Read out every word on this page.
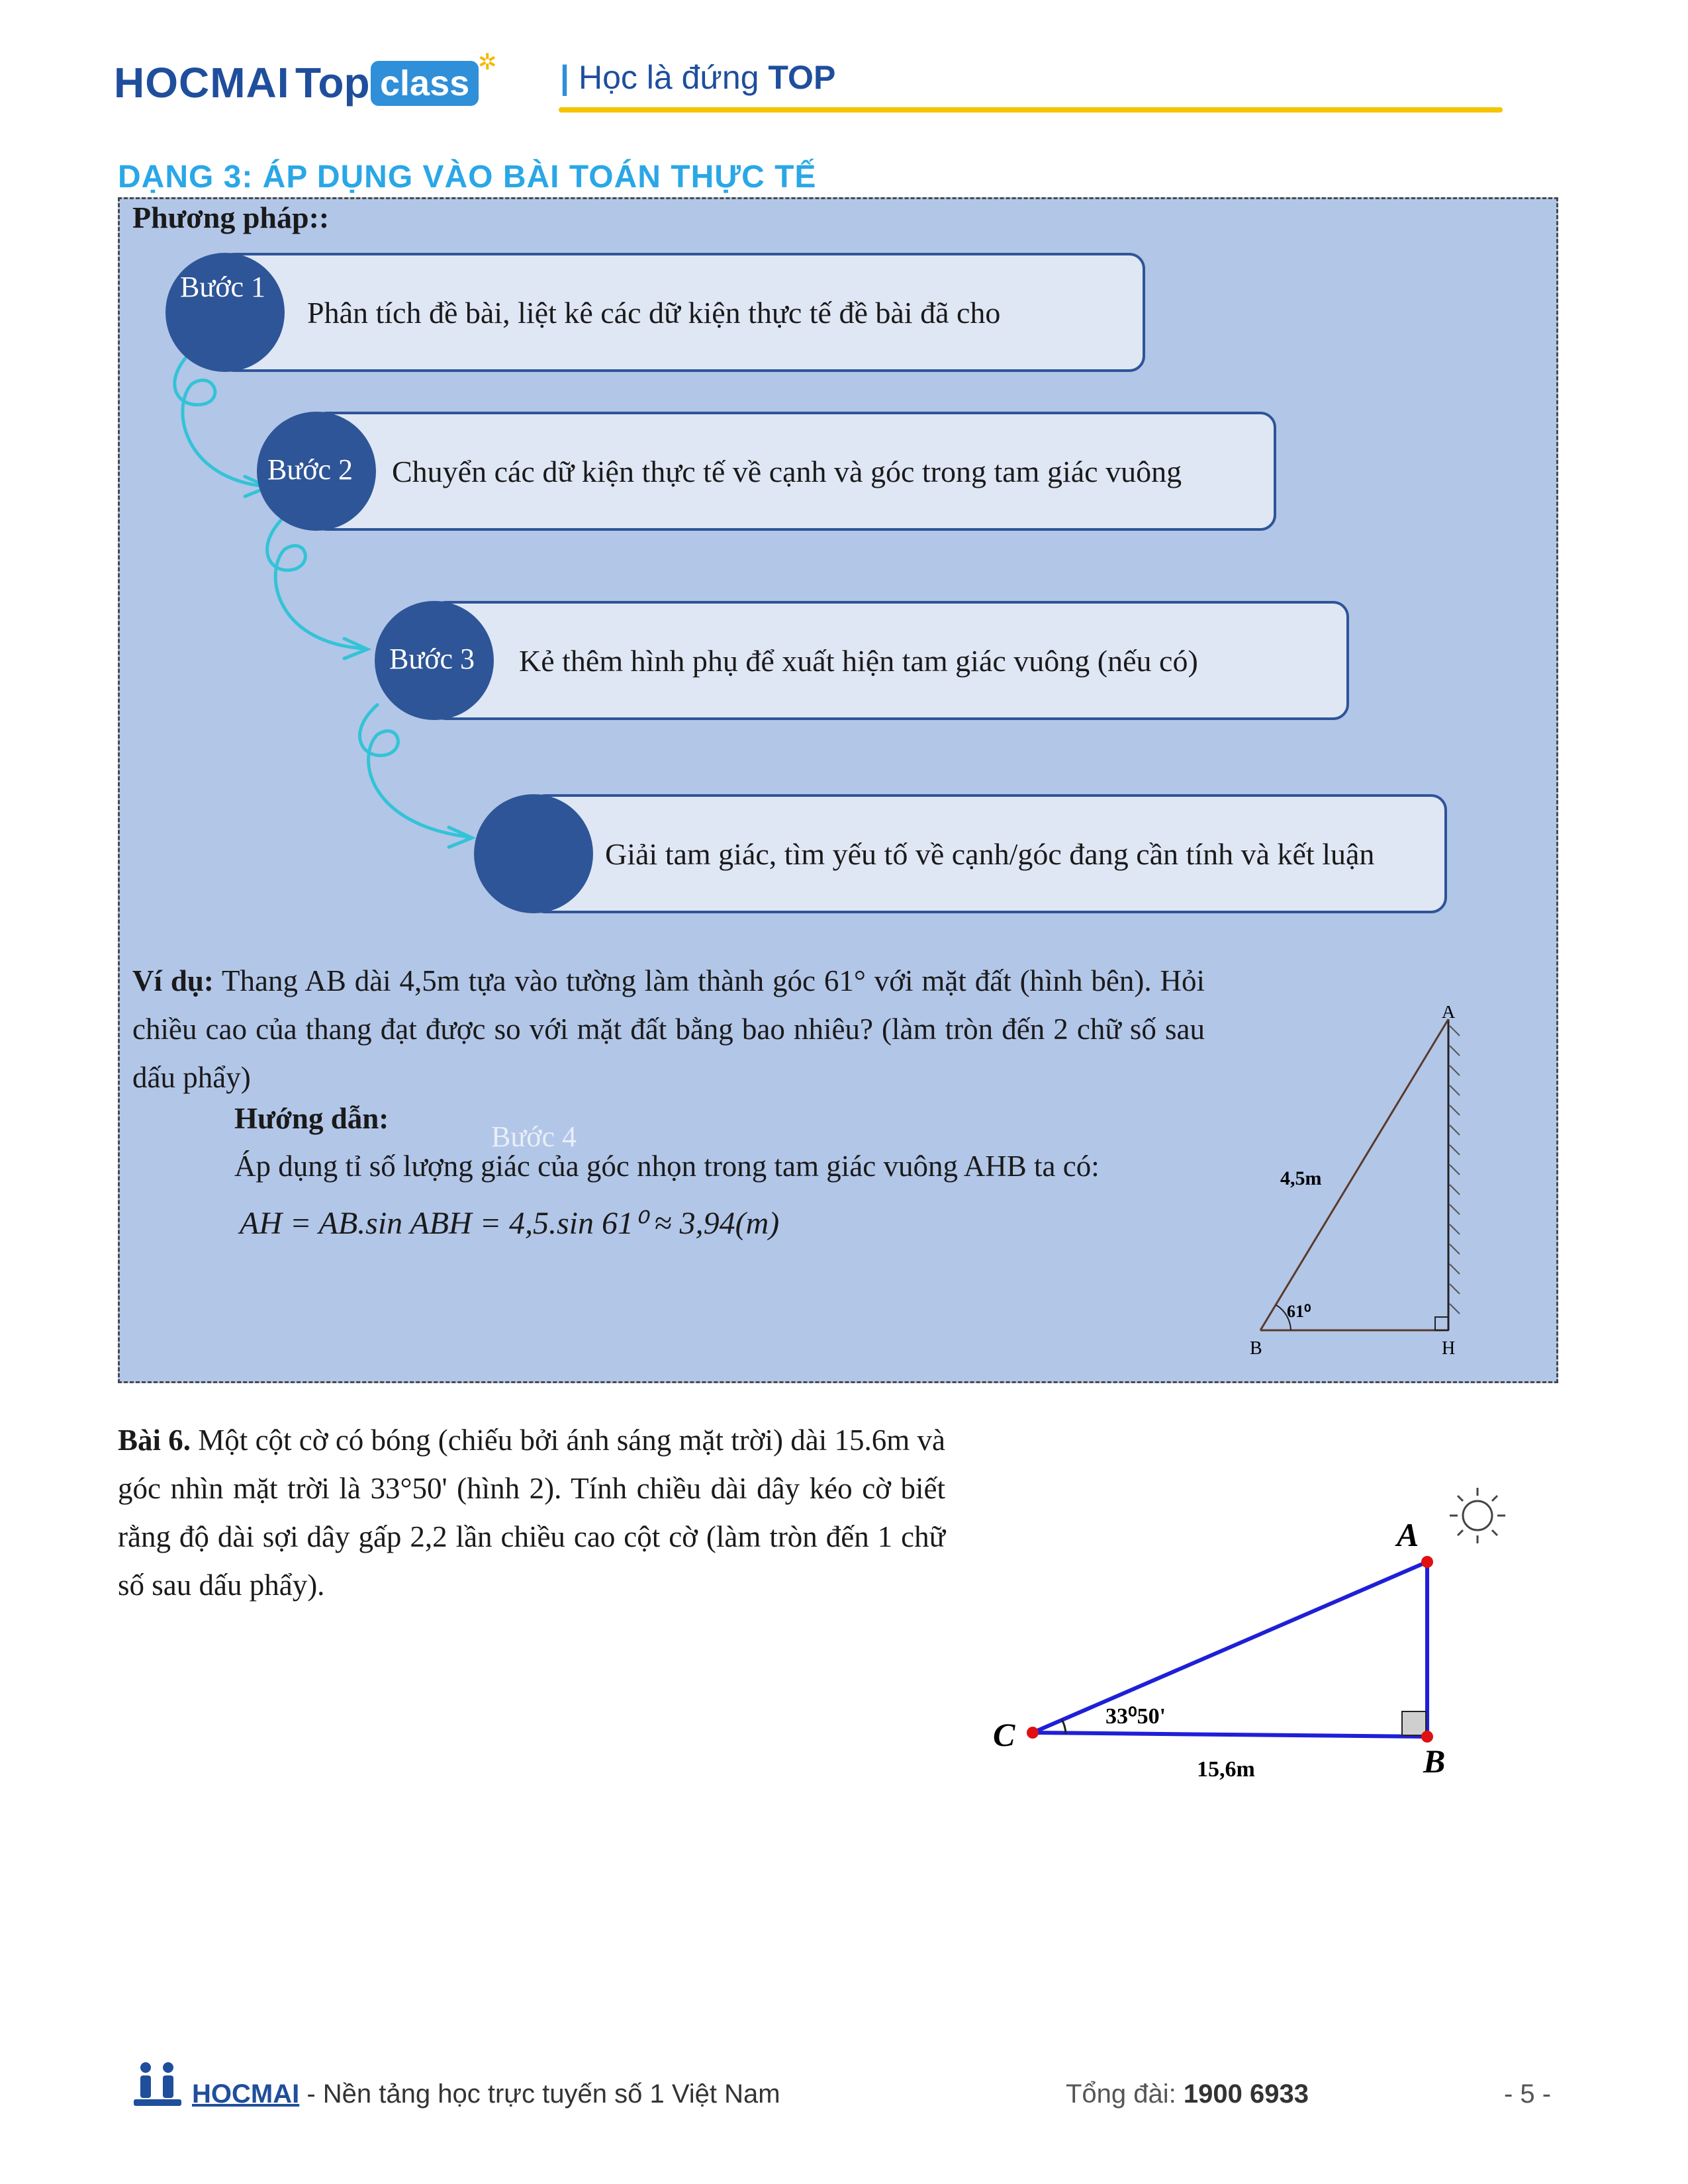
HOCMAI Top class
✲ | Học là đứng TOP
DẠNG 3: ÁP DỤNG VÀO BÀI TOÁN THỰC TẾ
Phương pháp::
Phân tích đề bài, liệt kê các dữ kiện thực tế đề bài đã cho
Bước 1
Chuyển các dữ kiện thực tế về cạnh và góc trong tam giác vuông
Bước 2
Kẻ thêm hình phụ để xuất hiện tam giác vuông (nếu có)
Bước 3
Giải tam giác, tìm yếu tố về cạnh/góc đang cần tính và kết luận
Bước 4
Ví dụ: Thang AB dài 4,5m tựa vào tường làm thành góc 61° với mặt đất (hình bên). Hỏi chiều cao của thang đạt được so với mặt đất bằng bao nhiêu? (làm tròn đến 2 chữ số sau dấu phẩy)
Hướng dẫn:
Áp dụng tỉ số lượng giác của góc nhọn trong tam giác vuông AHB ta có:
AH = AB.sin ABH = 4,5.sin 61⁰ ≈ 3,94(m)
A
B	H
4,5m
61⁰
Bài 6. Một cột cờ có bóng (chiếu bởi ánh sáng mặt trời) dài 15.6m và góc nhìn mặt trời là 33°50' (hình 2). Tính chiều dài dây kéo cờ biết rằng độ dài sợi dây gấp 2,2 lần chiều cao cột cờ (làm tròn đến 1 chữ số sau dấu phẩy).
A
B
C	33⁰50'
15,6m
HOCMAI - Nền tảng học trực tuyến số 1 Việt Nam	Tổng đài: 1900 6933	- 5 -
